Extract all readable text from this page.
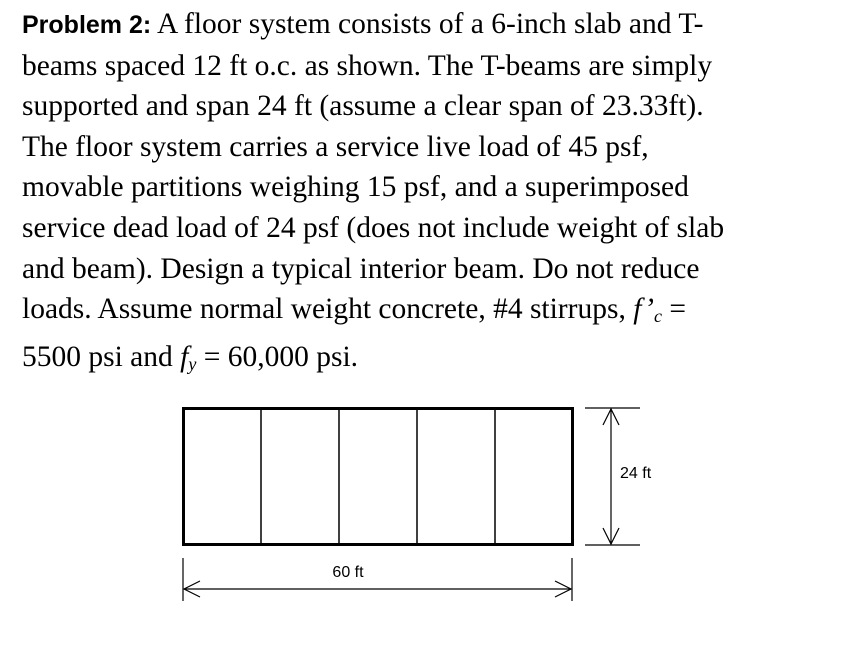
Problem 2: A floor system consists of a 6-inch slab and T-
beams spaced 12 ft o.c. as shown. The T-beams are simply
supported and span 24 ft (assume a clear span of 23.33ft).
The floor system carries a service live load of 45 psf,
movable partitions weighing 15 psf, and a superimposed
service dead load of 24 psf (does not include weight of slab
and beam). Design a typical interior beam. Do not reduce
loads. Assume normal weight concrete, #4 stirrups, f’c =
5500 psi and $f_y = 60,000$ psi.
60 ft
24 ft
